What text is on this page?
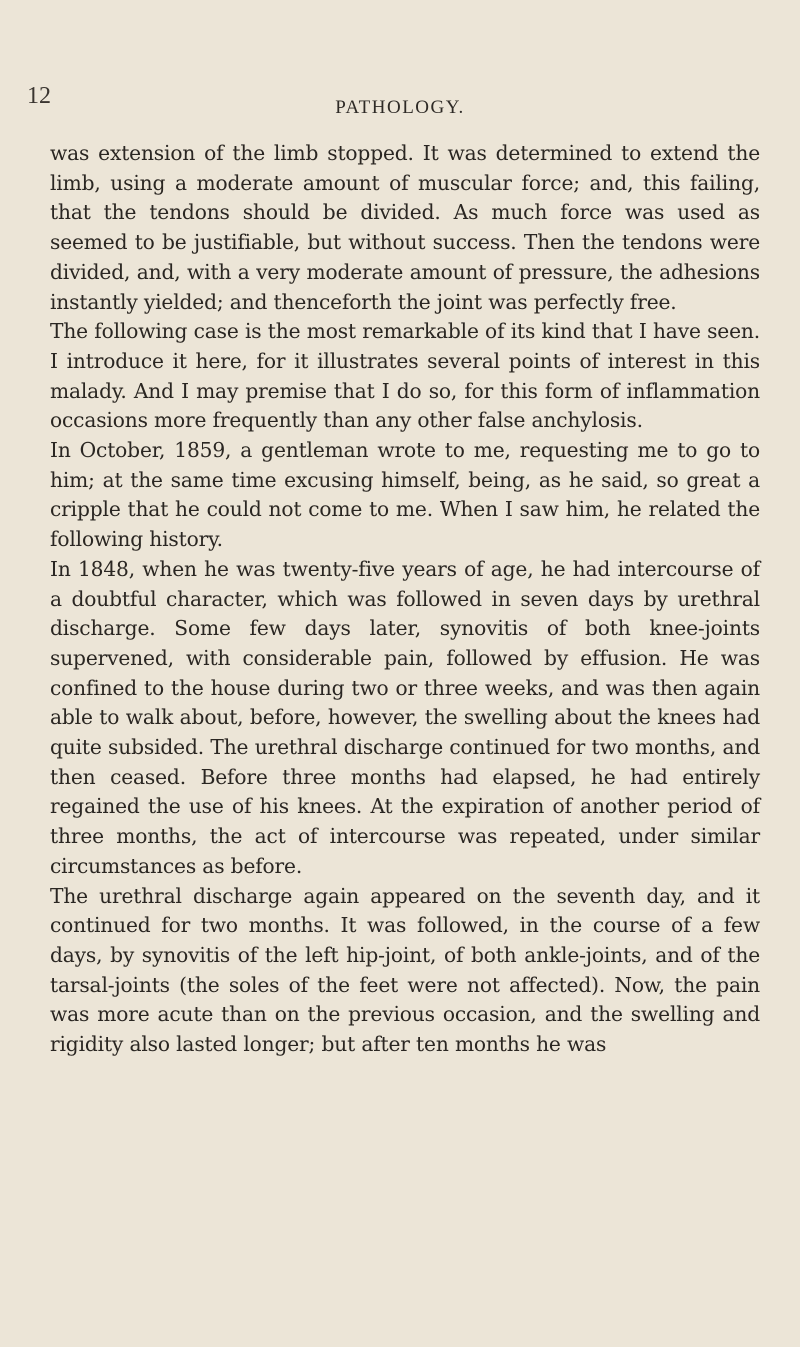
12	PATHOLOGY.

was extension of the limb stopped. It was determined to extend the limb, using a moderate amount of muscular force; and, this failing, that the tendons should be divided. As much force was used as seemed to be justifiable, but without success. Then the tendons were divided, and, with a very moderate amount of pressure, the adhesions instantly yielded; and thenceforth the joint was perfectly free.

The following case is the most remarkable of its kind that I have seen. I introduce it here, for it illustrates several points of interest in this malady. And I may premise that I do so, for this form of inflammation occasions more frequently than any other false anchylosis.

In October, 1859, a gentleman wrote to me, requesting me to go to him; at the same time excusing himself, being, as he said, so great a cripple that he could not come to me. When I saw him, he related the following history.

In 1848, when he was twenty-five years of age, he had intercourse of a doubtful character, which was followed in seven days by urethral discharge. Some few days later, synovitis of both knee-joints supervened, with considerable pain, followed by effusion. He was confined to the house during two or three weeks, and was then again able to walk about, before, however, the swelling about the knees had quite subsided. The urethral discharge continued for two months, and then ceased. Before three months had elapsed, he had entirely regained the use of his knees. At the expiration of another period of three months, the act of intercourse was repeated, under similar circumstances as before.

The urethral discharge again appeared on the seventh day, and it continued for two months. It was followed, in the course of a few days, by synovitis of the left hip-joint, of both ankle-joints, and of the tarsal-joints (the soles of the feet were not affected). Now, the pain was more acute than on the previous occasion, and the swelling and rigidity also lasted longer; but after ten months he was
